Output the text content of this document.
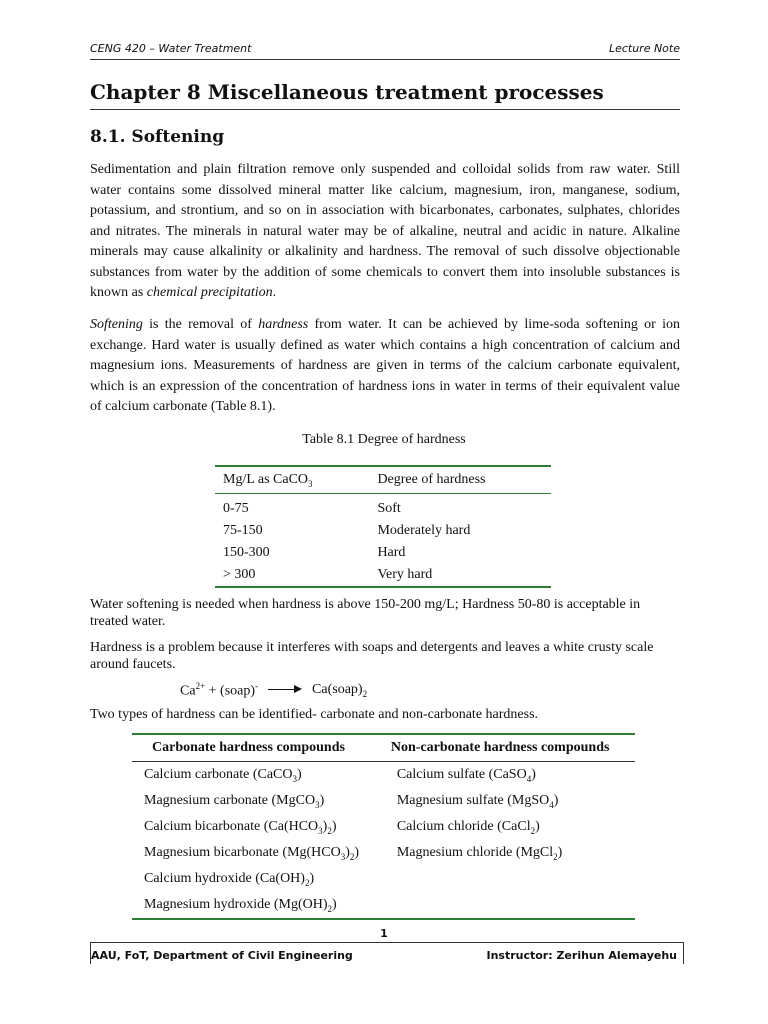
CENG 420 – Water Treatment	Lecture Note
Chapter 8 Miscellaneous treatment processes
8.1. Softening

Sedimentation and plain filtration remove only suspended and colloidal solids from raw water. Still water contains some dissolved mineral matter like calcium, magnesium, iron, manganese, sodium, potassium, and strontium, and so on in association with bicarbonates, carbonates, sulphates, chlorides and nitrates. The minerals in natural water may be of alkaline, neutral and acidic in nature. Alkaline minerals may cause alkalinity or alkalinity and hardness. The removal of such dissolve objectionable substances from water by the addition of some chemicals to convert them into insoluble substances is known as chemical precipitation.

Softening is the removal of hardness from water. It can be achieved by lime-soda softening or ion exchange. Hard water is usually defined as water which contains a high concentration of calcium and magnesium ions. Measurements of hardness are given in terms of the calcium carbonate equivalent, which is an expression of the concentration of hardness ions in water in terms of their equivalent value of calcium carbonate (Table 8.1).

Table 8.1 Degree of hardness
Mg/L as CaCO$_3$	Degree of hardness
0-75	Soft
75-150	Moderately hard
150-300	Hard
> 300	Very hard

Water softening is needed when hardness is above 150-200 mg/L; Hardness 50-80 is acceptable in treated water.

Hardness is a problem because it interferes with soaps and detergents and leaves a white crusty scale around faucets.

$Ca^{2+}$ + (soap)-	$Ca(soap)_2$

Two types of hardness can be identified- carbonate and non-carbonate hardness.

Carbonate hardness compounds	Non-carbonate hardness compounds
Calcium carbonate (CaCO$_3$)	Calcium sulfate (CaSO$_4$)
Magnesium carbonate (MgCO$_3$)	Magnesium sulfate (MgSO$_4$)
Calcium bicarbonate $(Ca(HCO_3)_2)$	Calcium chloride (CaCl$_2$)
Magnesium bicarbonate $(Mg(HCO_3)_2)$	Magnesium chloride (MgCl$_2$)
Calcium hydroxide $(Ca(OH)_2)$	
Magnesium hydroxide $(Mg(OH)_2)$	
1
AAU, FoT, Department of Civil Engineering	Instructor: Zerihun Alemayehu
